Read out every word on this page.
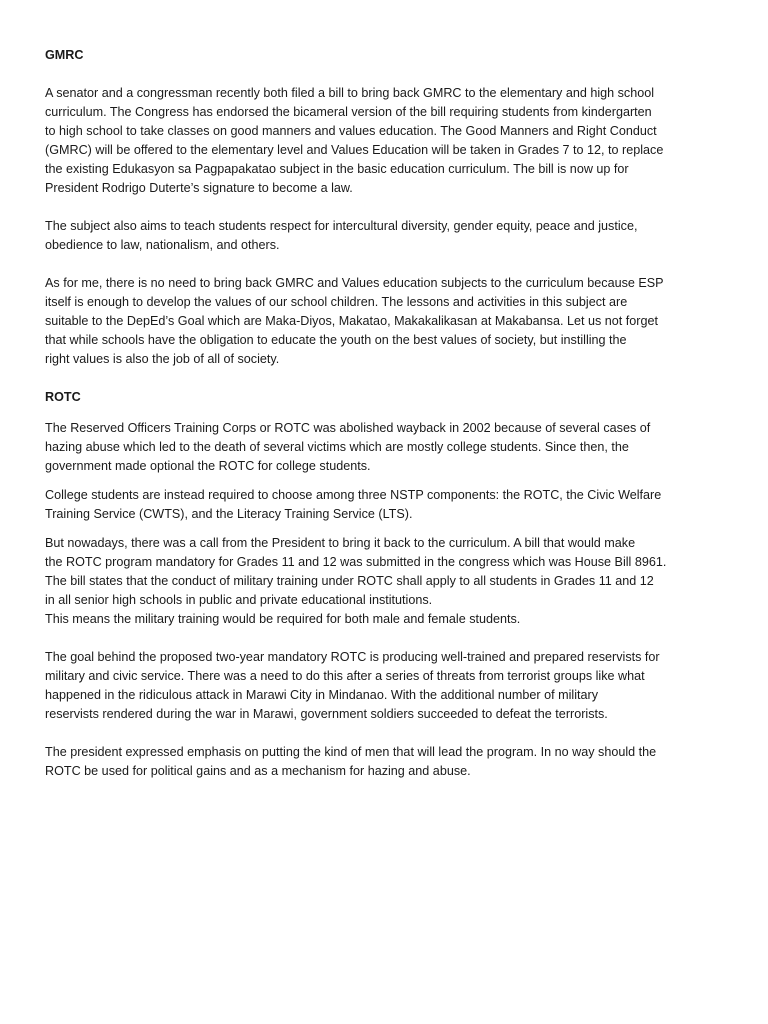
GMRC

A senator and a congressman recently both filed a bill to bring back GMRC to the elementary and high school
curriculum. The Congress has endorsed the bicameral version of the bill requiring students from kindergarten
to high school to take classes on good manners and values education. The Good Manners and Right Conduct
(GMRC) will be offered to the elementary level and Values Education will be taken in Grades 7 to 12, to replace
the existing Edukasyon sa Pagpapakatao subject in the basic education curriculum. The bill is now up for
President Rodrigo Duterte’s signature to become a law.

The subject also aims to teach students respect for intercultural diversity, gender equity, peace and justice,
obedience to law, nationalism, and others.

As for me, there is no need to bring back GMRC and Values education subjects to the curriculum because ESP
itself is enough to develop the values of our school children. The lessons and activities in this subject are
suitable to the DepEd’s Goal which are Maka-Diyos, Makatao, Makakalikasan at Makabansa. Let us not forget
that while schools have the obligation to educate the youth on the best values of society, but instilling the
right values is also the job of all of society.

ROTC

The Reserved Officers Training Corps or ROTC was abolished wayback in 2002 because of several cases of
hazing abuse which led to the death of several victims which are mostly college students. Since then, the
government made optional the ROTC for college students.

College students are instead required to choose among three NSTP components: the ROTC, the Civic Welfare
Training Service (CWTS), and the Literacy Training Service (LTS).

But nowadays, there was a call from the President to bring it back to the curriculum. A bill that would make
the ROTC program mandatory for Grades 11 and 12 was submitted in the congress which was House Bill 8961.
The bill states that the conduct of military training under ROTC shall apply to all students in Grades 11 and 12
in all senior high schools in public and private educational institutions.
This means the military training would be required for both male and female students.

The goal behind the proposed two-year mandatory ROTC is producing well-trained and prepared reservists for
military and civic service. There was a need to do this after a series of threats from terrorist groups like what
happened in the ridiculous attack in Marawi City in Mindanao. With the additional number of military
reservists rendered during the war in Marawi, government soldiers succeeded to defeat the terrorists.

The president expressed emphasis on putting the kind of men that will lead the program. In no way should the
ROTC be used for political gains and as a mechanism for hazing and abuse.
